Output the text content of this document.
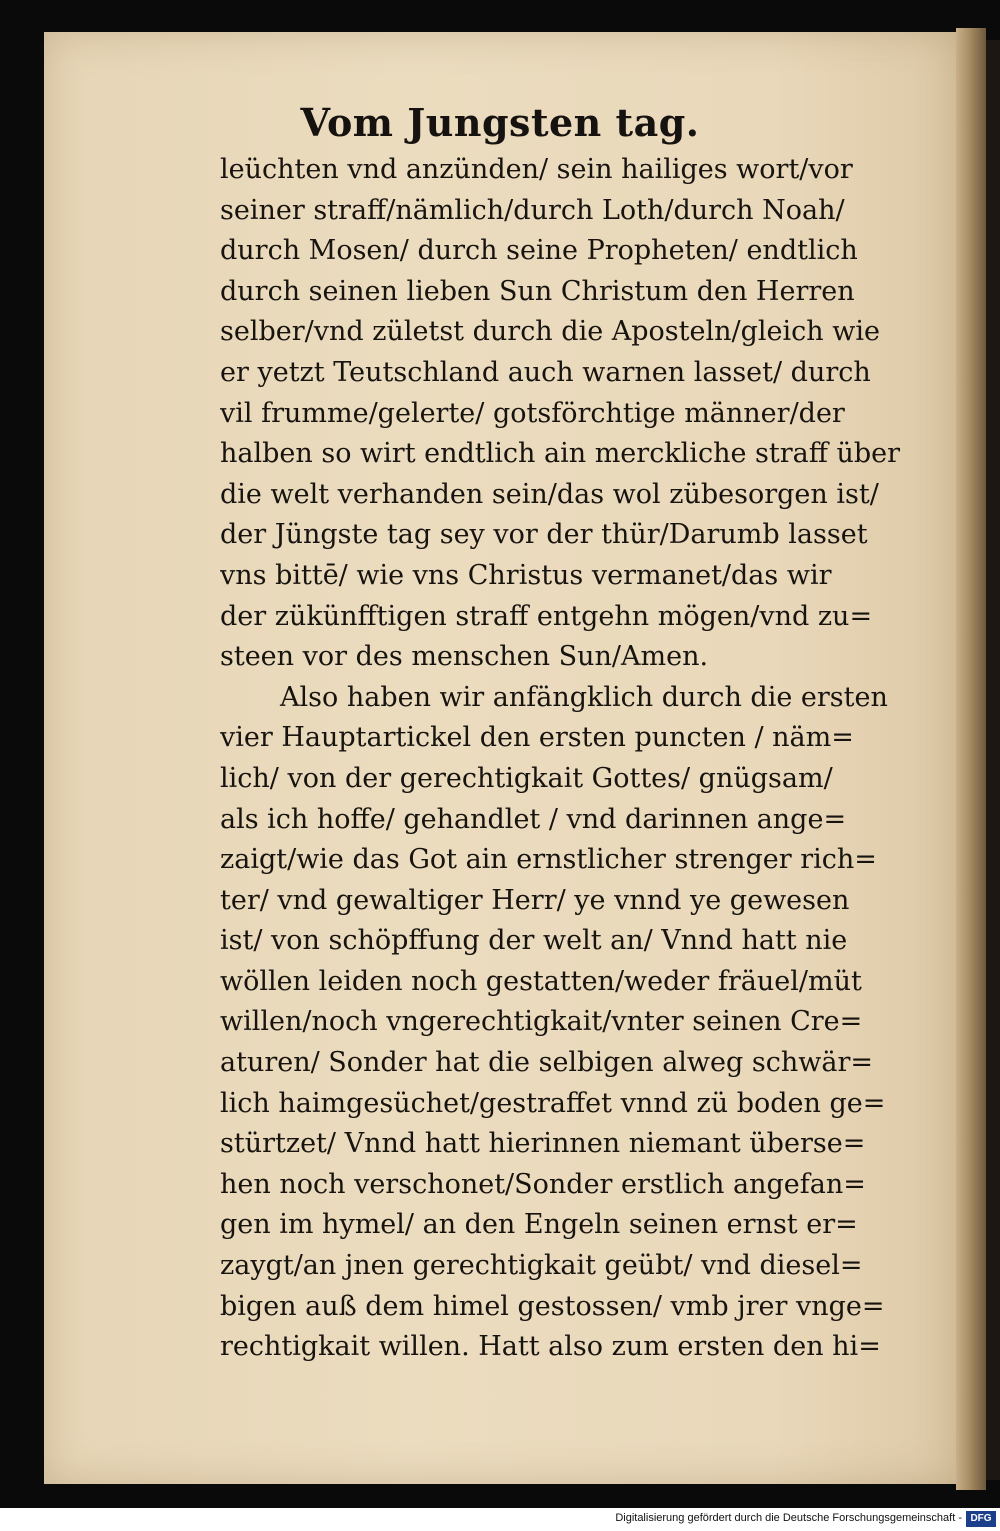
Vom Jungsten tag.
leüchten vnd anzünden/ sein hailiges wort/vor
seiner straff/nämlich/durch Loth/durch Noah/
durch Mosen/ durch seine Propheten/ endtlich
durch seinen lieben Sun Christum den Herren
selber/vnd zületst durch die Aposteln/gleich wie
er yetzt Teutschland auch warnen lasset/ durch
vil frumme/gelerte/ gotsförchtige männer/der
halben so wirt endtlich ain merckliche straff über
die welt verhanden sein/das wol zübesorgen ist/
der Jüngste tag sey vor der thür/Darumb lasset
vns bittē/ wie vns Christus vermanet/das wir
der zükünfftigen straff entgehn mögen/vnd zu=
steen vor des menschen Sun/Amen.
Also haben wir anfängklich durch die ersten
vier Hauptartickel den ersten puncten / näm=
lich/ von der gerechtigkait Gottes/ gnügsam/
als ich hoffe/ gehandlet / vnd darinnen ange=
zaigt/wie das Got ain ernstlicher strenger rich=
ter/ vnd gewaltiger Herr/ ye vnnd ye gewesen
ist/ von schöpffung der welt an/ Vnnd hatt nie
wöllen leiden noch gestatten/weder fräuel/müt
willen/noch vngerechtigkait/vnter seinen Cre=
aturen/ Sonder hat die selbigen alweg schwär=
lich haimgesüchet/gestraffet vnnd zü boden ge=
stürtzet/ Vnnd hatt hierinnen niemant überse=
hen noch verschonet/Sonder erstlich angefan=
gen im hymel/ an den Engeln seinen ernst er=
zaygt/an jnen gerechtigkait geübt/ vnd diesel=
bigen auß dem himel gestossen/ vmb jrer vnge=
rechtigkait willen. Hatt also zum ersten den hi=
Digitalisierung gefördert durch die Deutsche Forschungsgemeinschaft - DFG
